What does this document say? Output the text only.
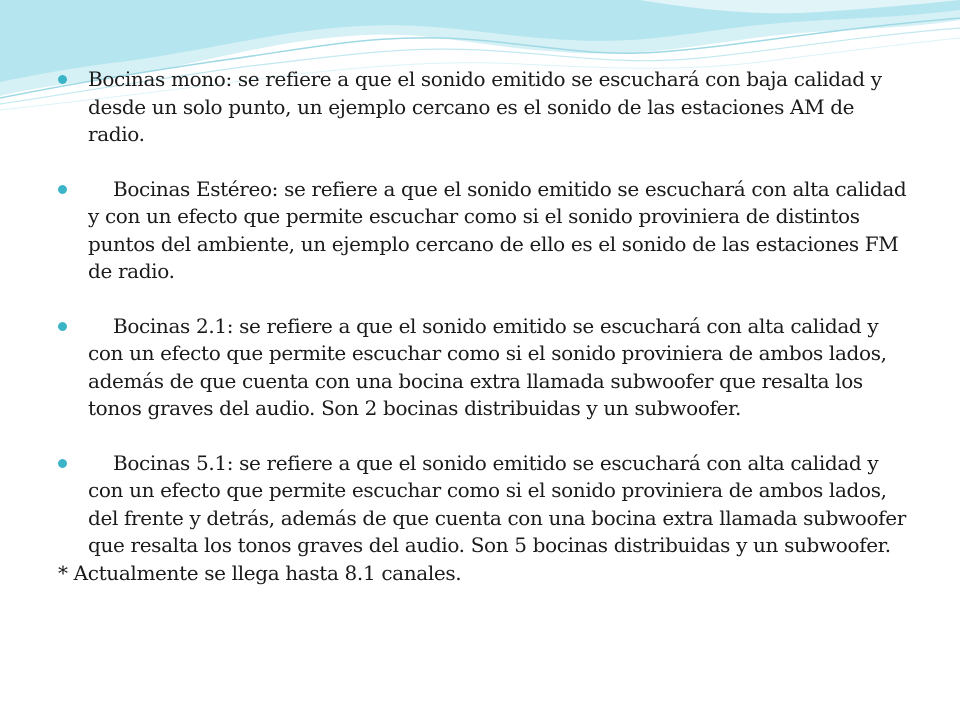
Bocinas mono: se refiere a que el sonido emitido se escuchará con baja calidad y desde un solo punto, un ejemplo cercano es el sonido de las estaciones AM de radio.

Bocinas Estéreo: se refiere a que el sonido emitido se escuchará con alta calidad y con un efecto que permite escuchar como si el sonido proviniera de distintos puntos del ambiente, un ejemplo cercano de ello es el sonido de las estaciones FM de radio.

Bocinas 2.1: se refiere a que el sonido emitido se escuchará con alta calidad y con un efecto que permite escuchar como si el sonido proviniera de ambos lados, además de que cuenta con una bocina extra llamada subwoofer que resalta los tonos graves del audio. Son 2 bocinas distribuidas y un subwoofer.

Bocinas 5.1: se refiere a que el sonido emitido se escuchará con alta calidad y con un efecto que permite escuchar como si el sonido proviniera de ambos lados, del frente y detrás, además de que cuenta con una bocina extra llamada subwoofer que resalta los tonos graves del audio. Son 5 bocinas distribuidas y un subwoofer.

* Actualmente se llega hasta 8.1 canales.
